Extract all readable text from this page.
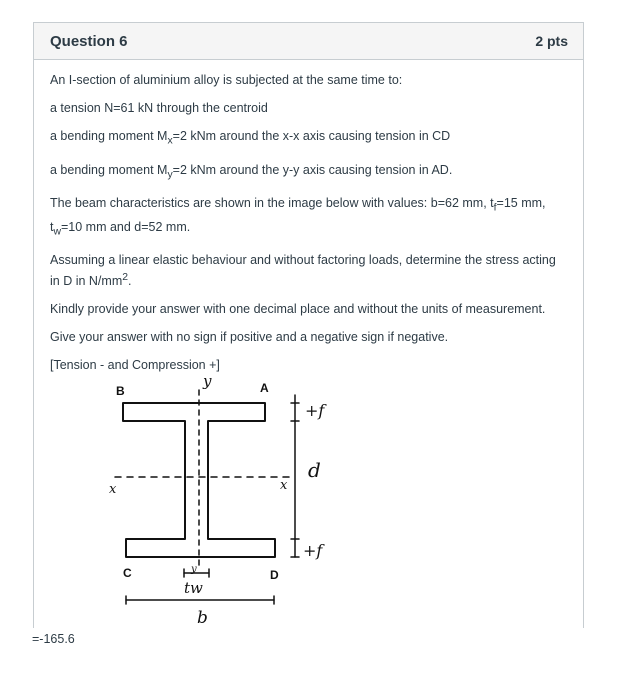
Question 6	2 pts

An I-section of aluminium alloy is subjected at the same time to:

a tension N=61 kN through the centroid

a bending moment $M_x=2$ kNm around the x-x axis causing tension in CD

a bending moment $M_y=2$ kNm around the y-y axis causing tension in AD.

The beam characteristics are shown in the image below with values: b=62 mm, $t_f=15$ mm, $t_w=10$ mm and d=52 mm.

Assuming a linear elastic behaviour and without factoring loads, determine the stress acting in D in $N/mm^2$.

Kindly provide your answer with one decimal place and without the units of measurement.

Give your answer with no sign if positive and a negative sign if negative.

[Tension - and Compression +]

B	A
C	D
y
y
x	x
+f
d
+f
tw
b
=-165.6
